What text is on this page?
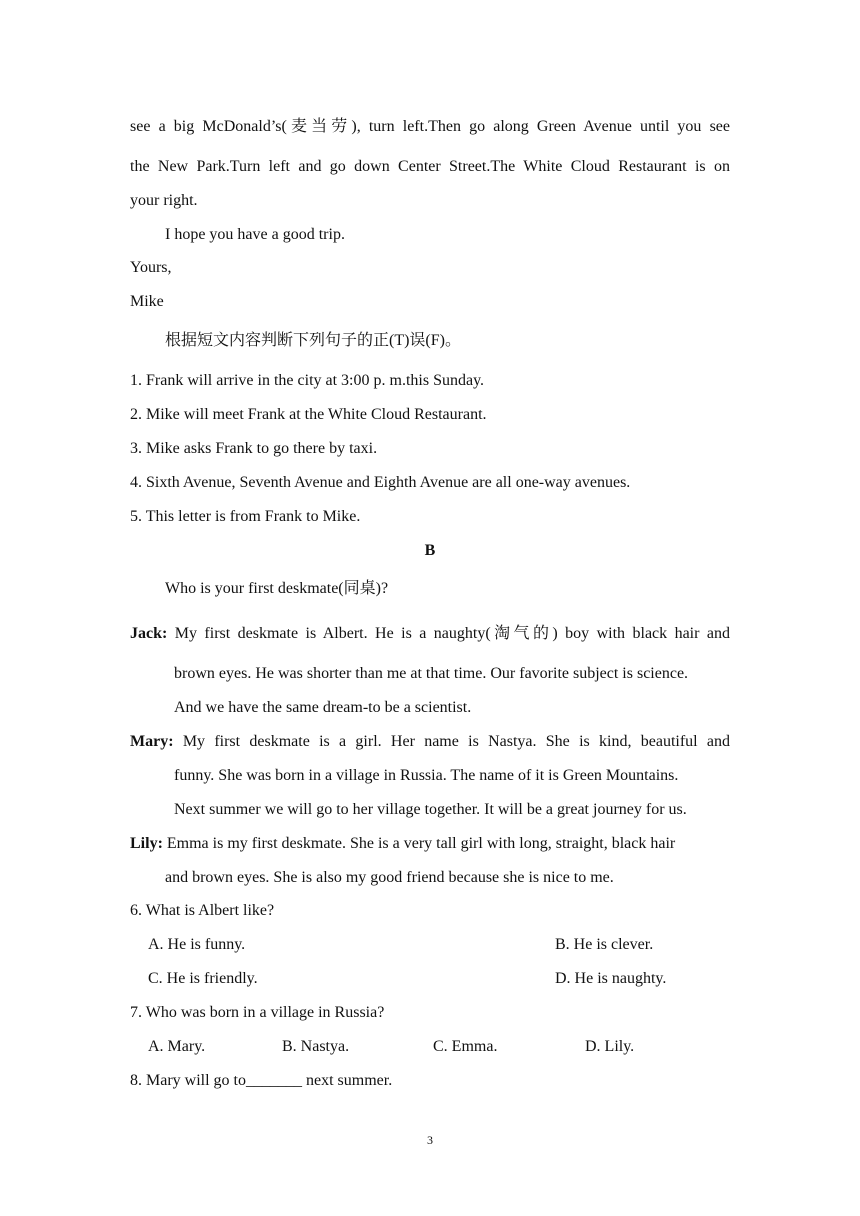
see a big McDonald’s(麦当劳), turn left.Then go along Green Avenue until you see
the New Park.Turn left and go down Center Street.The White Cloud Restaurant is on
your right.
I hope you have a good trip.
Yours,
Mike
根据短文内容判断下列句子的正(T)误(F)。
1. Frank will arrive in the city at 3:00 p. m.this Sunday.
2. Mike will meet Frank at the White Cloud Restaurant.
3. Mike asks Frank to go there by taxi.
4. Sixth Avenue, Seventh Avenue and Eighth Avenue are all one-way avenues.
5. This letter is from Frank to Mike.
B
Who is your first deskmate(同桌)?
Jack: My first deskmate is Albert. He is a naughty(淘气的) boy with black hair and
brown eyes. He was shorter than me at that time. Our favorite subject is science.
And we have the same dream-to be a scientist.
Mary: My first deskmate is a girl. Her name is Nastya. She is kind, beautiful and
funny. She was born in a village in Russia. The name of it is Green Mountains.
Next summer we will go to her village together. It will be a great journey for us.
Lily: Emma is my first deskmate. She is a very tall girl with long, straight, black hair
and brown eyes. She is also my good friend because she is nice to me.
6. What is Albert like?
A. He is funny.	B. He is clever.
C. He is friendly.	D. He is naughty.
7. Who was born in a village in Russia?
A. Mary.	B. Nastya.	C. Emma.	D. Lily.
8. Mary will go to_______ next summer.
3
